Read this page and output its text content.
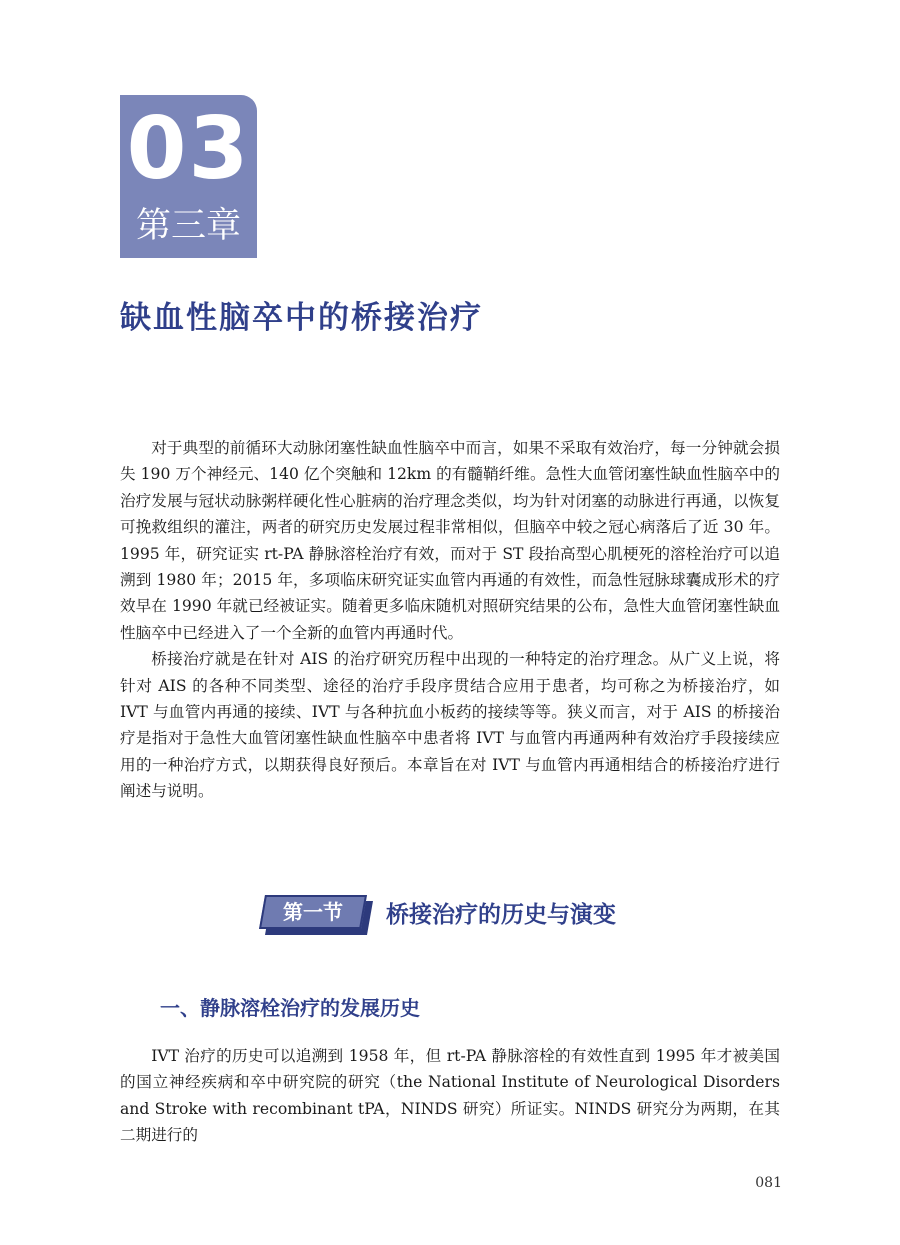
03
第三章
缺血性脑卒中的桥接治疗

对于典型的前循环大动脉闭塞性缺血性脑卒中而言，如果不采取有效治疗，每一分钟就会损失 190 万个神经元、140 亿个突触和 12km 的有髓鞘纤维。急性大血管闭塞性缺血性脑卒中的治疗发展与冠状动脉粥样硬化性心脏病的治疗理念类似，均为针对闭塞的动脉进行再通，以恢复可挽救组织的灌注，两者的研究历史发展过程非常相似，但脑卒中较之冠心病落后了近 30 年。1995 年，研究证实 rt-PA 静脉溶栓治疗有效，而对于 ST 段抬高型心肌梗死的溶栓治疗可以追溯到 1980 年；2015 年，多项临床研究证实血管内再通的有效性，而急性冠脉球囊成形术的疗效早在 1990 年就已经被证实。随着更多临床随机对照研究结果的公布，急性大血管闭塞性缺血性脑卒中已经进入了一个全新的血管内再通时代。

桥接治疗就是在针对 AIS 的治疗研究历程中出现的一种特定的治疗理念。从广义上说，将针对 AIS 的各种不同类型、途径的治疗手段序贯结合应用于患者，均可称之为桥接治疗，如 IVT 与血管内再通的接续、IVT 与各种抗血小板药的接续等等。狭义而言，对于 AIS 的桥接治疗是指对于急性大血管闭塞性缺血性脑卒中患者将 IVT 与血管内再通两种有效治疗手段接续应用的一种治疗方式，以期获得良好预后。本章旨在对 IVT 与血管内再通相结合的桥接治疗进行阐述与说明。

第一节	桥接治疗的历史与演变
一、静脉溶栓治疗的发展历史

IVT 治疗的历史可以追溯到 1958 年，但 rt-PA 静脉溶栓的有效性直到 1995 年才被美国的国立神经疾病和卒中研究院的研究（the National Institute of Neurological Disorders and Stroke with recombinant tPA，NINDS 研究）所证实。NINDS 研究分为两期，在其二期进行的

081
